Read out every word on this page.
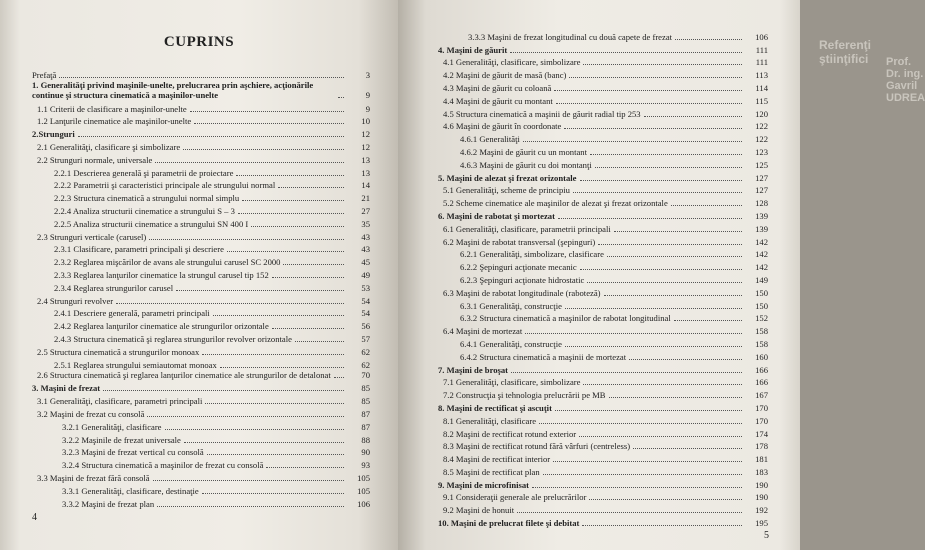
CUPRINS	Referenţi ştiinţifici Prof. Dr. ing. Gavril UDREA
Prefaţă	3
1. Generalităţi privind maşinile-unelte, prelucrarea prin aşchiere, acţionările continue şi structura cinematică a maşinilor-unelte	9
1.1 Criterii de clasificare a maşinilor-unelte	9
1.2 Lanţurile cinematice ale maşinilor-unelte	10
2.Strunguri	12
2.1 Generalităţi, clasificare şi simbolizare	12
2.2 Strunguri normale, universale	13
2.2.1 Descrierea generală şi parametrii de proiectare	13
2.2.2 Parametrii şi caracteristici principale ale strungului normal	14
2.2.3 Structura cinematică a strungului normal simplu	21
2.2.4 Analiza structurii cinematice a strungului S – 3	27
2.2.5 Analiza structurii cinematice a strungului SN 400 I	35
2.3 Strunguri verticale (carusel)	43
2.3.1 Clasificare, parametri principali şi descriere	43
2.3.2 Reglarea mişcărilor de avans ale strungului carusel SC 2000	45
2.3.3 Reglarea lanţurilor cinematice la strungul carusel tip 152	49
2.3.4 Reglarea strungurilor carusel	53
2.4 Strunguri revolver	54
2.4.1 Descriere generală, parametri principali	54
2.4.2 Reglarea lanţurilor cinematice ale strungurilor orizontale	56
2.4.3 Structura cinematică şi reglarea strungurilor revolver orizontale	57
2.5 Structura cinematică a strungurilor monoax	62
2.5.1 Reglarea strungului semiautomat monoax	62
2.6 Structura cinematică şi reglarea lanţurilor cinematice ale strungurilor de detalonat	70
3. Maşini de frezat	85
3.1 Generalităţi, clasificare, parametri principali	85
3.2 Maşini de frezat cu consolă	87
3.2.1 Generalităţi, clasificare	87
3.2.2 Maşinile de frezat universale	88
3.2.3 Maşini de frezat vertical cu consolă	90
3.2.4 Structura cinematică a maşinilor de frezat cu consolă	93
3.3 Maşini de frezat fără consolă	105
3.3.1 Generalităţi, clasificare, destinaţie	105
3.3.2 Maşini de frezat plan	106
3.3.3 Maşini de frezat longitudinal cu două capete de frezat	106
4. Maşini de găurit	111
4.1 Generalităţi, clasificare, simbolizare	111
4.2 Maşini de găurit de masă (banc)	113
4.3 Maşini de găurit cu coloană	114
4.4 Maşini de găurit cu montant	115
4.5 Structura cinematică a maşinii de găurit radial tip 253	120
4.6 Maşini de găurit în coordonate	122
4.6.1 Generalităţi	122
4.6.2 Maşini de găurit cu un montant	123
4.6.3 Maşini de găurit cu doi montanţi	125
5. Maşini de alezat şi frezat orizontale	127
5.1 Generalităţi, scheme de principiu	127
5.2 Scheme cinematice ale maşinilor de alezat şi frezat orizontale	128
6. Maşini de rabotat şi mortezat	139
6.1 Generalităţi, clasificare, parametrii principali	139
6.2 Maşini de rabotat transversal (şepinguri)	142
6.2.1 Generalităţi, simbolizare, clasificare	142
6.2.2 Şepinguri acţionate mecanic	142
6.2.3 Şepinguri acţionate hidrostatic	149
6.3 Maşini de rabotat longitudinale (raboteză)	150
6.3.1 Generalităţi, construcţie	150
6.3.2 Structura cinematică a maşinilor de rabotat longitudinal	152
6.4 Maşini de mortezat	158
6.4.1 Generalităţi, construcţie	158
6.4.2 Structura cinematică a maşinii de mortezat	160
7. Maşini de broşat	166
7.1 Generalităţi, clasificare, simbolizare	166
7.2 Construcţia şi tehnologia prelucrării pe MB	167
8. Maşini de rectificat şi ascuţit	170
8.1 Generalităţi, clasificare	170
8.2 Maşini de rectificat rotund exterior	174
8.3 Maşini de rectificat rotund fără vârfuri (centreless)	178
8.4 Maşini de rectificat interior	181
8.5 Maşini de rectificat plan	183
9. Maşini de microfinisat	190
9.1 Consideraţii generale ale prelucrărilor	190
9.2 Maşini de honuit	192
10. Maşini de prelucrat filete şi debitat	195
4
5
